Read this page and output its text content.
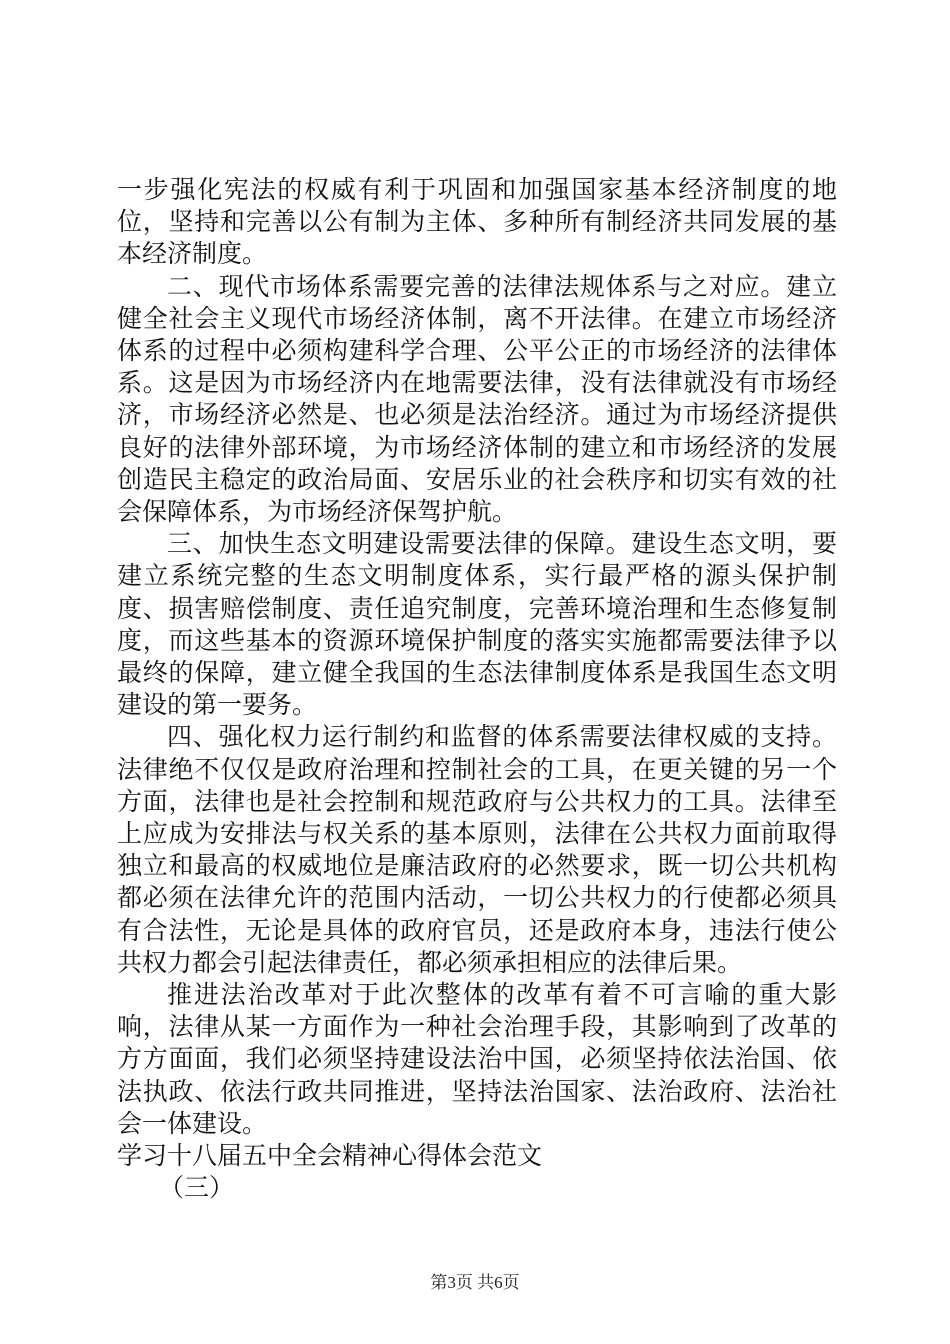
一步强化宪法的权威有利于巩固和加强国家基本经济制度的地位，坚持和完善以公有制为主体、多种所有制经济共同发展的基本经济制度。

二、现代市场体系需要完善的法律法规体系与之对应。建立健全社会主义现代市场经济体制，离不开法律。在建立市场经济体系的过程中必须构建科学合理、公平公正的市场经济的法律体系。这是因为市场经济内在地需要法律，没有法律就没有市场经济，市场经济必然是、也必须是法治经济。通过为市场经济提供良好的法律外部环境，为市场经济体制的建立和市场经济的发展创造民主稳定的政治局面、安居乐业的社会秩序和切实有效的社会保障体系，为市场经济保驾护航。

三、加快生态文明建设需要法律的保障。建设生态文明，要建立系统完整的生态文明制度体系，实行最严格的源头保护制度、损害赔偿制度、责任追究制度，完善环境治理和生态修复制度，而这些基本的资源环境保护制度的落实实施都需要法律予以最终的保障，建立健全我国的生态法律制度体系是我国生态文明建设的第一要务。

四、强化权力运行制约和监督的体系需要法律权威的支持。法律绝不仅仅是政府治理和控制社会的工具，在更关键的另一个方面，法律也是社会控制和规范政府与公共权力的工具。法律至上应成为安排法与权关系的基本原则，法律在公共权力面前取得独立和最高的权威地位是廉洁政府的必然要求，既一切公共机构都必须在法律允许的范围内活动，一切公共权力的行使都必须具有合法性，无论是具体的政府官员，还是政府本身，违法行使公共权力都会引起法律责任，都必须承担相应的法律后果。

推进法治改革对于此次整体的改革有着不可言喻的重大影响，法律从某一方面作为一种社会治理手段，其影响到了改革的方方面面，我们必须坚持建设法治中国，必须坚持依法治国、依法执政、依法行政共同推进，坚持法治国家、法治政府、法治社会一体建设。

学习十八届五中全会精神心得体会范文

（三）

第3页 共6页
